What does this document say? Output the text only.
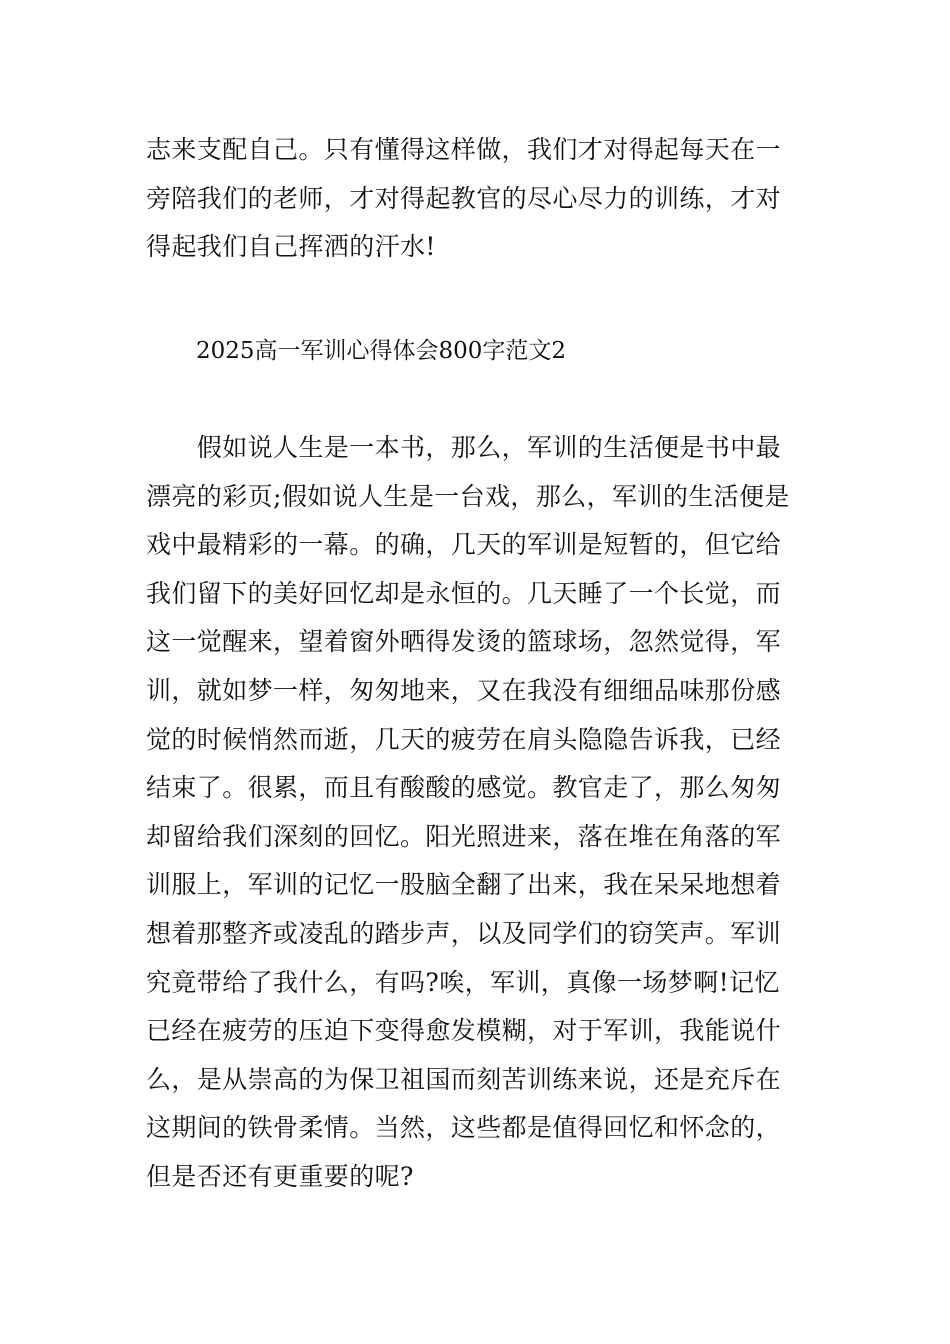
志来支配自己。只有懂得这样做，我们才对得起每天在一
旁陪我们的老师，才对得起教官的尽心尽力的训练，才对
得起我们自己挥洒的汗水!

2025高一军训心得体会800字范文2

　　假如说人生是一本书，那么，军训的生活便是书中最
漂亮的彩页;假如说人生是一台戏，那么，军训的生活便是
戏中最精彩的一幕。的确，几天的军训是短暂的，但它给
我们留下的美好回忆却是永恒的。几天睡了一个长觉，而
这一觉醒来，望着窗外晒得发烫的篮球场，忽然觉得，军
训，就如梦一样，匆匆地来，又在我没有细细品味那份感
觉的时候悄然而逝，几天的疲劳在肩头隐隐告诉我，已经
结束了。很累，而且有酸酸的感觉。教官走了，那么匆匆
却留给我们深刻的回忆。阳光照进来，落在堆在角落的军
训服上，军训的记忆一股脑全翻了出来，我在呆呆地想着
想着那整齐或凌乱的踏步声，以及同学们的窃笑声。军训
究竟带给了我什么，有吗?唉，军训，真像一场梦啊!记忆
已经在疲劳的压迫下变得愈发模糊，对于军训，我能说什
么，是从崇高的为保卫祖国而刻苦训练来说，还是充斥在
这期间的铁骨柔情。当然，这些都是值得回忆和怀念的，
但是否还有更重要的呢?
